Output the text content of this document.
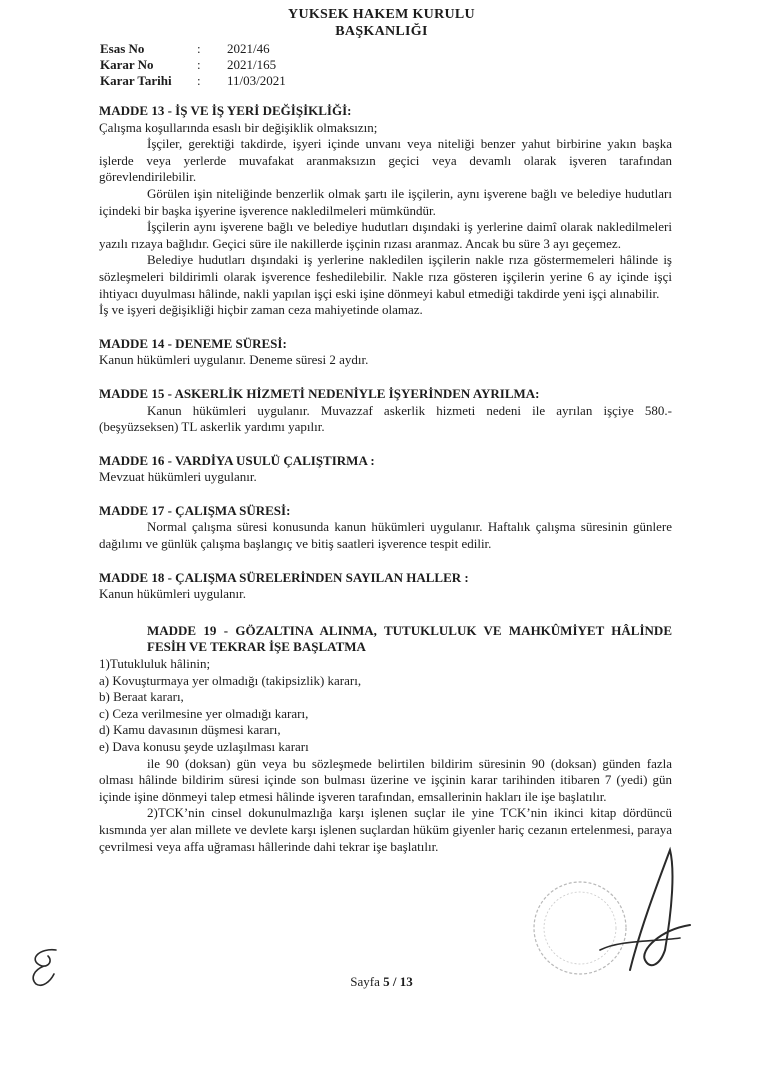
YUKSEK HAKEM KURULU
BAŞKANLIĞI
Esas No	:	2021/46
Karar No	:	2021/165
Karar Tarihi	:	11/03/2021

MADDE 13 - İŞ VE İŞ YERİ DEĞİŞİKLİĞİ:

Çalışma koşullarında esaslı bir değişiklik olmaksızın;

İşçiler, gerektiği takdirde, işyeri içinde unvanı veya niteliği benzer yahut birbirine yakın başka işlerde veya yerlerde muvafakat aranmaksızın geçici veya devamlı olarak işveren tarafından görevlendirilebilir.

Görülen işin niteliğinde benzerlik olmak şartı ile işçilerin, aynı işverene bağlı ve belediye hudutları içindeki bir başka işyerine işverence nakledilmeleri mümkündür.

İşçilerin aynı işverene bağlı ve belediye hudutları dışındaki iş yerlerine daimî olarak nakledilmeleri yazılı rızaya bağlıdır. Geçici süre ile nakillerde işçinin rızası aranmaz. Ancak bu süre 3 ayı geçemez.

Belediye hudutları dışındaki iş yerlerine nakledilen işçilerin nakle rıza göstermemeleri hâlinde iş sözleşmeleri bildirimli olarak işverence feshedilebilir. Nakle rıza gösteren işçilerin yerine 6 ay içinde işçi ihtiyacı duyulması hâlinde, nakli yapılan işçi eski işine dönmeyi kabul etmediği takdirde yeni işçi alınabilir.

İş ve işyeri değişikliği hiçbir zaman ceza mahiyetinde olamaz.

MADDE 14 - DENEME SÜRESİ:

Kanun hükümleri uygulanır. Deneme süresi 2 aydır.

MADDE 15 - ASKERLİK HİZMETİ NEDENİYLE İŞYERİNDEN AYRILMA:

Kanun hükümleri uygulanır. Muvazzaf askerlik hizmeti nedeni ile ayrılan işçiye 580.- (beşyüzseksen) TL askerlik yardımı yapılır.

MADDE 16 - VARDİYA USULÜ ÇALIŞTIRMA :

Mevzuat hükümleri uygulanır.

MADDE 17 - ÇALIŞMA SÜRESİ:

Normal çalışma süresi konusunda kanun hükümleri uygulanır. Haftalık çalışma süresinin günlere dağılımı ve günlük çalışma başlangıç ve bitiş saatleri işverence tespit edilir.

MADDE 18 - ÇALIŞMA SÜRELERİNDEN SAYILAN HALLER :

Kanun hükümleri uygulanır.

MADDE 19 - GÖZALTINA ALINMA, TUTUKLULUK VE MAHKÛMİYET HÂLİNDE FESİH VE TEKRAR İŞE BAŞLATMA

1)Tutukluluk hâlinin;

a) Kovuşturmaya yer olmadığı (takipsizlik) kararı,

b) Beraat kararı,

c) Ceza verilmesine yer olmadığı kararı,

d) Kamu davasının düşmesi kararı,

e) Dava konusu şeyde uzlaşılması kararı

ile 90 (doksan) gün veya bu sözleşmede belirtilen bildirim süresinin 90 (doksan) günden fazla olması hâlinde bildirim süresi içinde son bulması üzerine ve işçinin karar tarihinden itibaren 7 (yedi) gün içinde işine dönmeyi talep etmesi hâlinde işveren tarafından, emsallerinin hakları ile işe başlatılır.

2)TCK’nin cinsel dokunulmazlığa karşı işlenen suçlar ile yine TCK’nin ikinci kitap dördüncü kısmında yer alan millete ve devlete karşı işlenen suçlardan hüküm giyenler hariç cezanın ertelenmesi, paraya çevrilmesi veya affa uğraması hâllerinde dahi tekrar işe başlatılır.

Sayfa 5 / 13
